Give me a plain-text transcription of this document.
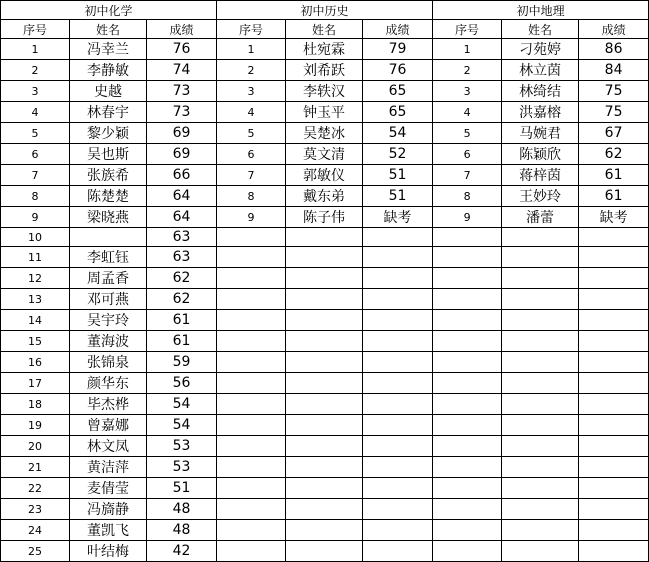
初中化学			初中历史			初中地理		
序号	姓名	成绩	序号	姓名	成绩	序号	姓名	成绩
1	冯幸兰	76	1	杜宛霖	79	1	刁苑婷	86
2	李静敏	74	2	刘希跃	76	2	林立茵	84
3	史越	73	3	李轶汉	65	3	林绮结	75
4	林春宇	73	4	钟玉平	65	4	洪嘉榕	75
5	黎少颖	69	5	吴楚冰	54	5	马婉君	67
6	吴也斯	69	6	莫文清	52	6	陈颖欣	62
7	张族希	66	7	郭敏仪	51	7	蒋梓茵	61
8	陈楚楚	64	8	戴东弟	51	8	王妙玲	61
9	梁晓燕	64	9	陈子伟	缺考	9	潘蕾	缺考
10		63						
11	李虹钰	63						
12	周孟香	62						
13	邓可燕	62						
14	吴宇玲	61						
15	董海波	61						
16	张锦泉	59						
17	颜华东	56						
18	毕杰桦	54						
19	曾嘉娜	54						
20	林文凤	53						
21	黄洁萍	53						
22	麦倩莹	51						
23	冯旖静	48						
24	董凯飞	48						
25	叶结梅	42						
